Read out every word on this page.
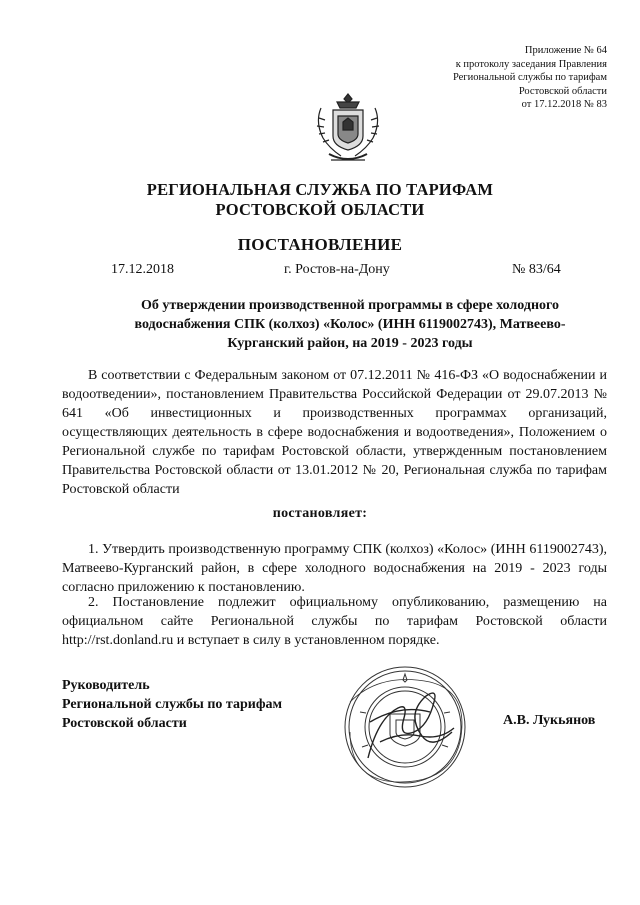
Приложение № 64
к протоколу заседания Правления
Региональной службы по тарифам
Ростовской области
от 17.12.2018 № 83
РЕГИОНАЛЬНАЯ СЛУЖБА ПО ТАРИФАМ
РОСТОВСКОЙ ОБЛАСТИ
ПОСТАНОВЛЕНИЕ
17.12.2018	г. Ростов-на-Дону	№ 83/64
Об утверждении производственной программы в сфере холодного водоснабжения СПК (колхоз) «Колос» (ИНН 6119002743), Матвеево-Курганский район, на 2019 - 2023 годы
В соответствии с Федеральным законом от 07.12.2011 № 416-ФЗ «О водоснабжении и водоотведении», постановлением Правительства Российской Федерации от 29.07.2013 № 641 «Об инвестиционных и производственных программах организаций, осуществляющих деятельность в сфере водоснабжения и водоотведения», Положением о Региональной службе по тарифам Ростовской области, утвержденным постановлением Правительства Ростовской области от 13.01.2012 № 20, Региональная служба по тарифам Ростовской области
постановляет:
1. Утвердить производственную программу СПК (колхоз) «Колос» (ИНН 6119002743), Матвеево-Курганский район, в сфере холодного водоснабжения на 2019 - 2023 годы согласно приложению к постановлению.
2. Постановление подлежит официальному опубликованию, размещению на официальном сайте Региональной службы по тарифам Ростовской области http://rst.donland.ru и вступает в силу в установленном порядке.
Руководитель
Региональной службы по тарифам
Ростовской области	А.В. Лукьянов
